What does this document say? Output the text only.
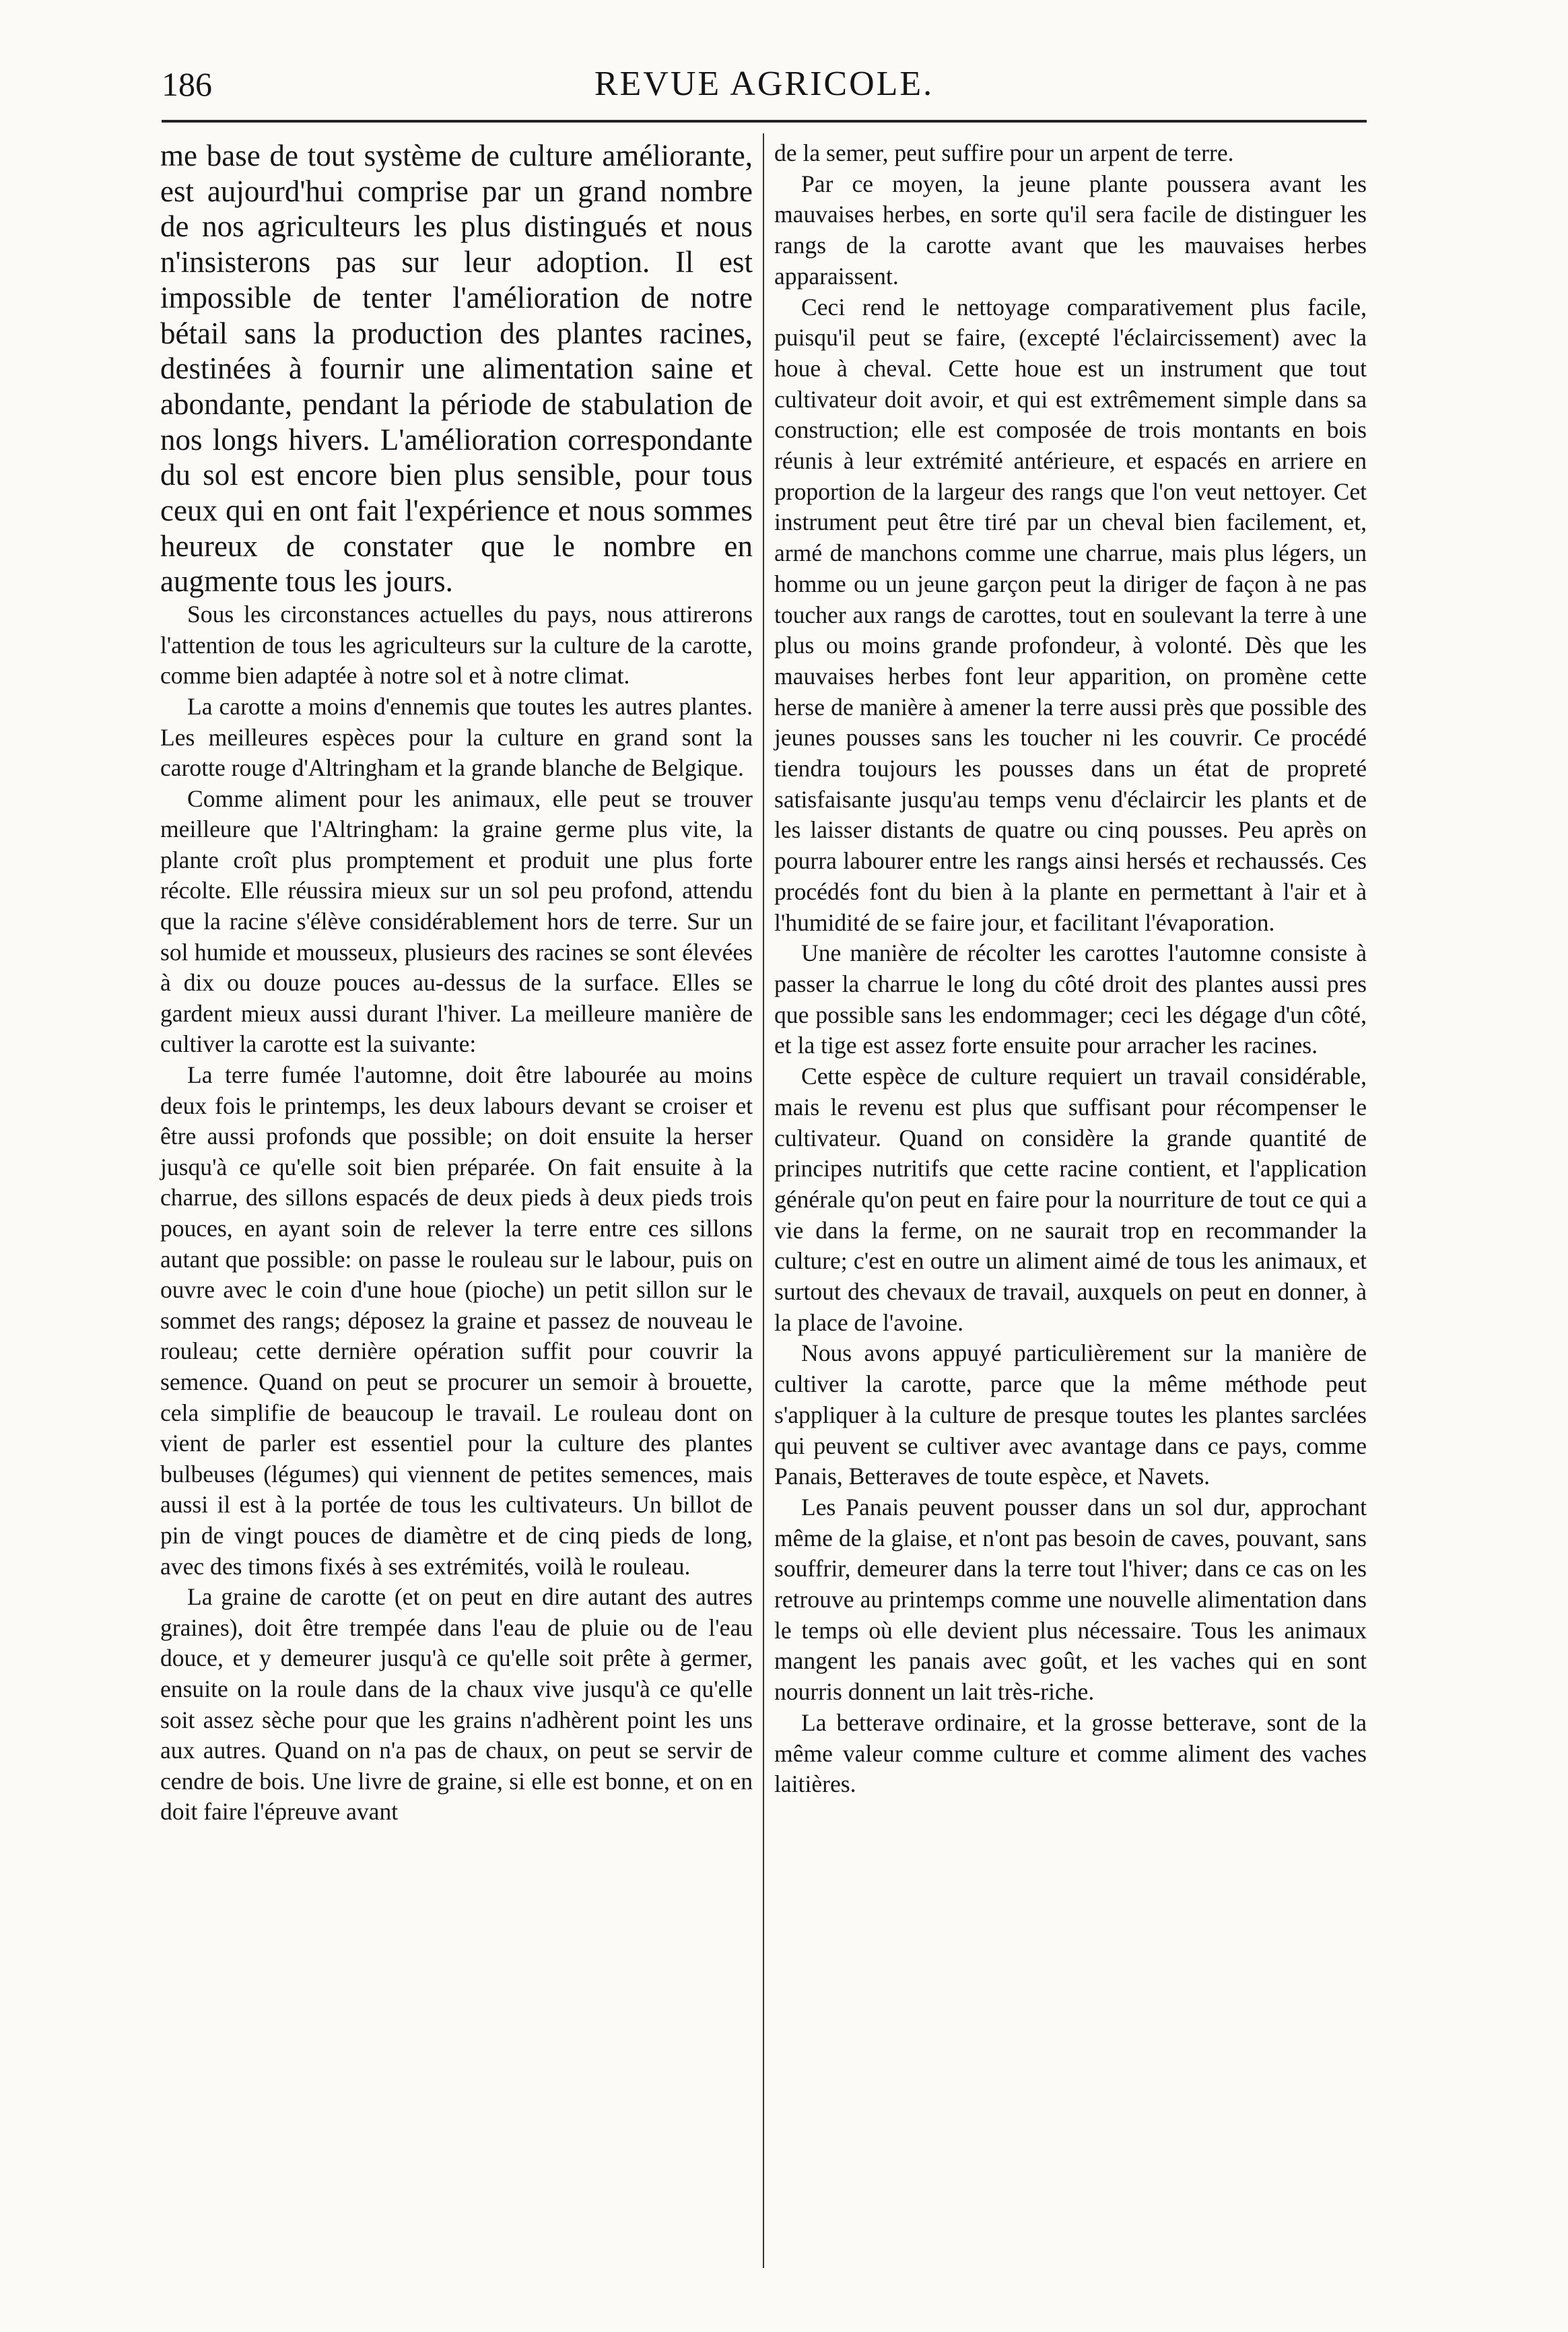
186	REVUE AGRICOLE.

me base de tout système de culture améliorante, est aujourd'hui comprise par un grand nombre de nos agriculteurs les plus distingués et nous n'insisterons pas sur leur adoption. Il est impossible de tenter l'amélioration de notre bétail sans la production des plantes racines, destinées à fournir une alimentation saine et abondante, pendant la période de stabulation de nos longs hivers. L'amélioration correspondante du sol est encore bien plus sensible, pour tous ceux qui en ont fait l'expérience et nous sommes heureux de constater que le nombre en augmente tous les jours.

Sous les circonstances actuelles du pays, nous attirerons l'attention de tous les agriculteurs sur la culture de la carotte, comme bien adaptée à notre sol et à notre climat.

La carotte a moins d'ennemis que toutes les autres plantes. Les meilleures espèces pour la culture en grand sont la carotte rouge d'Altringham et la grande blanche de Belgique.

Comme aliment pour les animaux, elle peut se trouver meilleure que l'Altringham: la graine germe plus vite, la plante croît plus promptement et produit une plus forte récolte. Elle réussira mieux sur un sol peu profond, attendu que la racine s'élève considérablement hors de terre. Sur un sol humide et mousseux, plusieurs des racines se sont élevées à dix ou douze pouces au-dessus de la surface. Elles se gardent mieux aussi durant l'hiver. La meilleure manière de cultiver la carotte est la suivante:

La terre fumée l'automne, doit être labourée au moins deux fois le printemps, les deux labours devant se croiser et être aussi profonds que possible; on doit ensuite la herser jusqu'à ce qu'elle soit bien préparée. On fait ensuite à la charrue, des sillons espacés de deux pieds à deux pieds trois pouces, en ayant soin de relever la terre entre ces sillons autant que possible: on passe le rouleau sur le labour, puis on ouvre avec le coin d'une houe (pioche) un petit sillon sur le sommet des rangs; déposez la graine et passez de nouveau le rouleau; cette dernière opération suffit pour couvrir la semence. Quand on peut se procurer un semoir à brouette, cela simplifie de beaucoup le travail. Le rouleau dont on vient de parler est essentiel pour la culture des plantes bulbeuses (légumes) qui viennent de petites semences, mais aussi il est à la portée de tous les cultivateurs. Un billot de pin de vingt pouces de diamètre et de cinq pieds de long, avec des timons fixés à ses extrémités, voilà le rouleau.

La graine de carotte (et on peut en dire autant des autres graines), doit être trempée dans l'eau de pluie ou de l'eau douce, et y demeurer jusqu'à ce qu'elle soit prête à germer, ensuite on la roule dans de la chaux vive jusqu'à ce qu'elle soit assez sèche pour que les grains n'adhèrent point les uns aux autres. Quand on n'a pas de chaux, on peut se servir de cendre de bois. Une livre de graine, si elle est bonne, et on en doit faire l'épreuve avant

de la semer, peut suffire pour un arpent de terre.

Par ce moyen, la jeune plante poussera avant les mauvaises herbes, en sorte qu'il sera facile de distinguer les rangs de la carotte avant que les mauvaises herbes apparaissent.

Ceci rend le nettoyage comparativement plus facile, puisqu'il peut se faire, (excepté l'éclaircissement) avec la houe à cheval. Cette houe est un instrument que tout cultivateur doit avoir, et qui est extrêmement simple dans sa construction; elle est composée de trois montants en bois réunis à leur extrémité antérieure, et espacés en arriere en proportion de la largeur des rangs que l'on veut nettoyer. Cet instrument peut être tiré par un cheval bien facilement, et, armé de manchons comme une charrue, mais plus légers, un homme ou un jeune garçon peut la diriger de façon à ne pas toucher aux rangs de carottes, tout en soulevant la terre à une plus ou moins grande profondeur, à volonté. Dès que les mauvaises herbes font leur apparition, on promène cette herse de manière à amener la terre aussi près que possible des jeunes pousses sans les toucher ni les couvrir. Ce procédé tiendra toujours les pousses dans un état de propreté satisfaisante jusqu'au temps venu d'éclaircir les plants et de les laisser distants de quatre ou cinq pousses. Peu après on pourra labourer entre les rangs ainsi hersés et rechaussés. Ces procédés font du bien à la plante en permettant à l'air et à l'humidité de se faire jour, et facilitant l'évaporation.

Une manière de récolter les carottes l'automne consiste à passer la charrue le long du côté droit des plantes aussi pres que possible sans les endommager; ceci les dégage d'un côté, et la tige est assez forte ensuite pour arracher les racines.

Cette espèce de culture requiert un travail considérable, mais le revenu est plus que suffisant pour récompenser le cultivateur. Quand on considère la grande quantité de principes nutritifs que cette racine contient, et l'application générale qu'on peut en faire pour la nourriture de tout ce qui a vie dans la ferme, on ne saurait trop en recommander la culture; c'est en outre un aliment aimé de tous les animaux, et surtout des chevaux de travail, auxquels on peut en donner, à la place de l'avoine.

Nous avons appuyé particulièrement sur la manière de cultiver la carotte, parce que la même méthode peut s'appliquer à la culture de presque toutes les plantes sarclées qui peuvent se cultiver avec avantage dans ce pays, comme Panais, Betteraves de toute espèce, et Navets.

Les Panais peuvent pousser dans un sol dur, approchant même de la glaise, et n'ont pas besoin de caves, pouvant, sans souffrir, demeurer dans la terre tout l'hiver; dans ce cas on les retrouve au printemps comme une nouvelle alimentation dans le temps où elle devient plus nécessaire. Tous les animaux mangent les panais avec goût, et les vaches qui en sont nourris donnent un lait très-riche.

La betterave ordinaire, et la grosse betterave, sont de la même valeur comme culture et comme aliment des vaches laitières.
